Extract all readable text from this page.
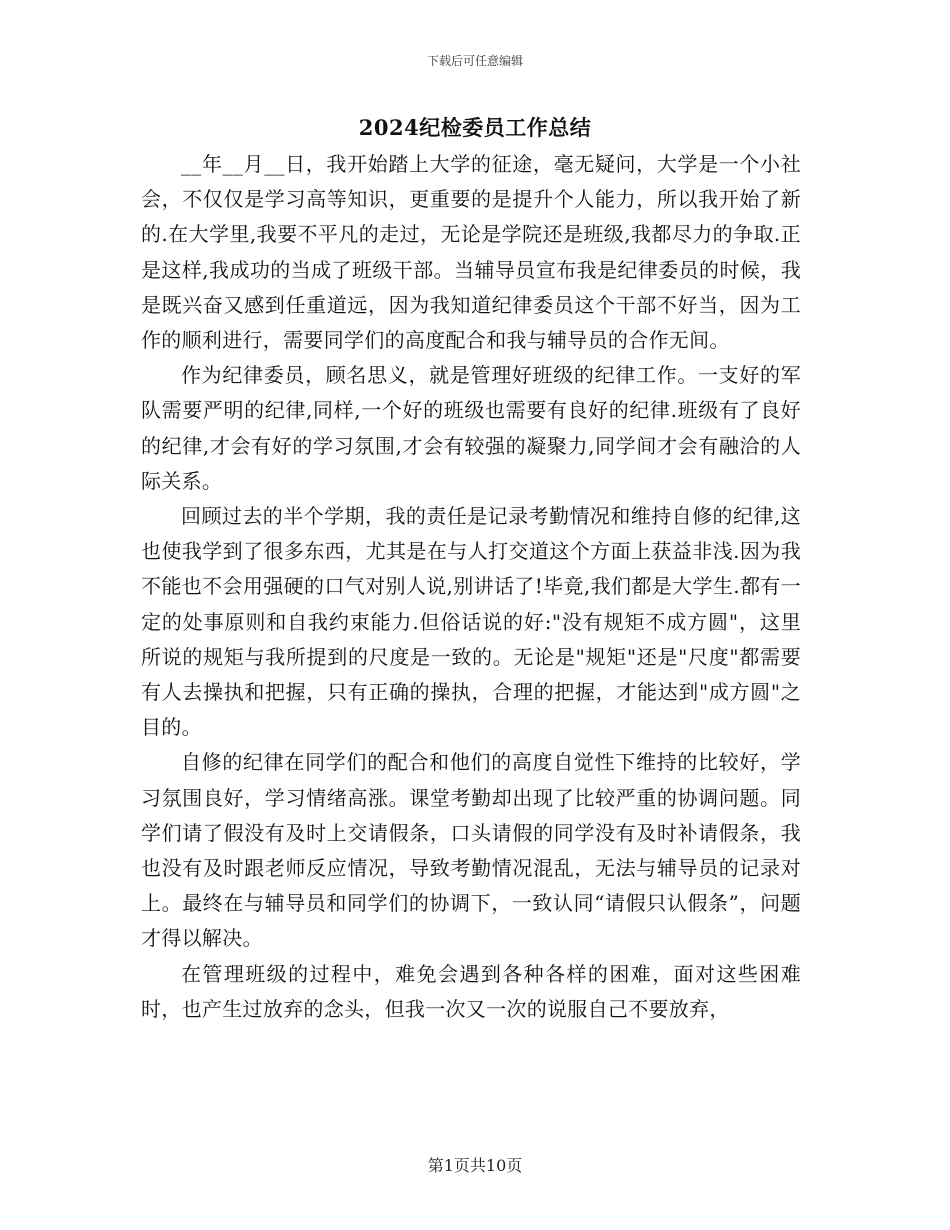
下载后可任意编辑
2024纪检委员工作总结

__年__月__日，我开始踏上大学的征途，毫无疑问，大学是一个小社会，不仅仅是学习高等知识，更重要的是提升个人能力，所以我开始了新的.在大学里,我要不平凡的走过，无论是学院还是班级,我都尽力的争取.正是这样,我成功的当成了班级干部。当辅导员宣布我是纪律委员的时候，我是既兴奋又感到任重道远，因为我知道纪律委员这个干部不好当，因为工作的顺利进行，需要同学们的高度配合和我与辅导员的合作无间。

作为纪律委员，顾名思义，就是管理好班级的纪律工作。一支好的军队需要严明的纪律,同样,一个好的班级也需要有良好的纪律.班级有了良好的纪律,才会有好的学习氛围,才会有较强的凝聚力,同学间才会有融洽的人际关系。

回顾过去的半个学期，我的责任是记录考勤情况和维持自修的纪律,这也使我学到了很多东西，尤其是在与人打交道这个方面上获益非浅.因为我不能也不会用强硬的口气对别人说,别讲话了!毕竟,我们都是大学生.都有一定的处事原则和自我约束能力.但俗话说的好:"没有规矩不成方圆"，这里所说的规矩与我所提到的尺度是一致的。无论是"规矩"还是"尺度"都需要有人去操执和把握，只有正确的操执，合理的把握，才能达到"成方圆"之目的。

自修的纪律在同学们的配合和他们的高度自觉性下维持的比较好，学习氛围良好，学习情绪高涨。课堂考勤却出现了比较严重的协调问题。同学们请了假没有及时上交请假条，口头请假的同学没有及时补请假条，我也没有及时跟老师反应情况，导致考勤情况混乱，无法与辅导员的记录对上。最终在与辅导员和同学们的协调下，一致认同“请假只认假条”，问题才得以解决。

在管理班级的过程中，难免会遇到各种各样的困难，面对这些困难时，也产生过放弃的念头，但我一次又一次的说服自己不要放弃，

第1页共10页
